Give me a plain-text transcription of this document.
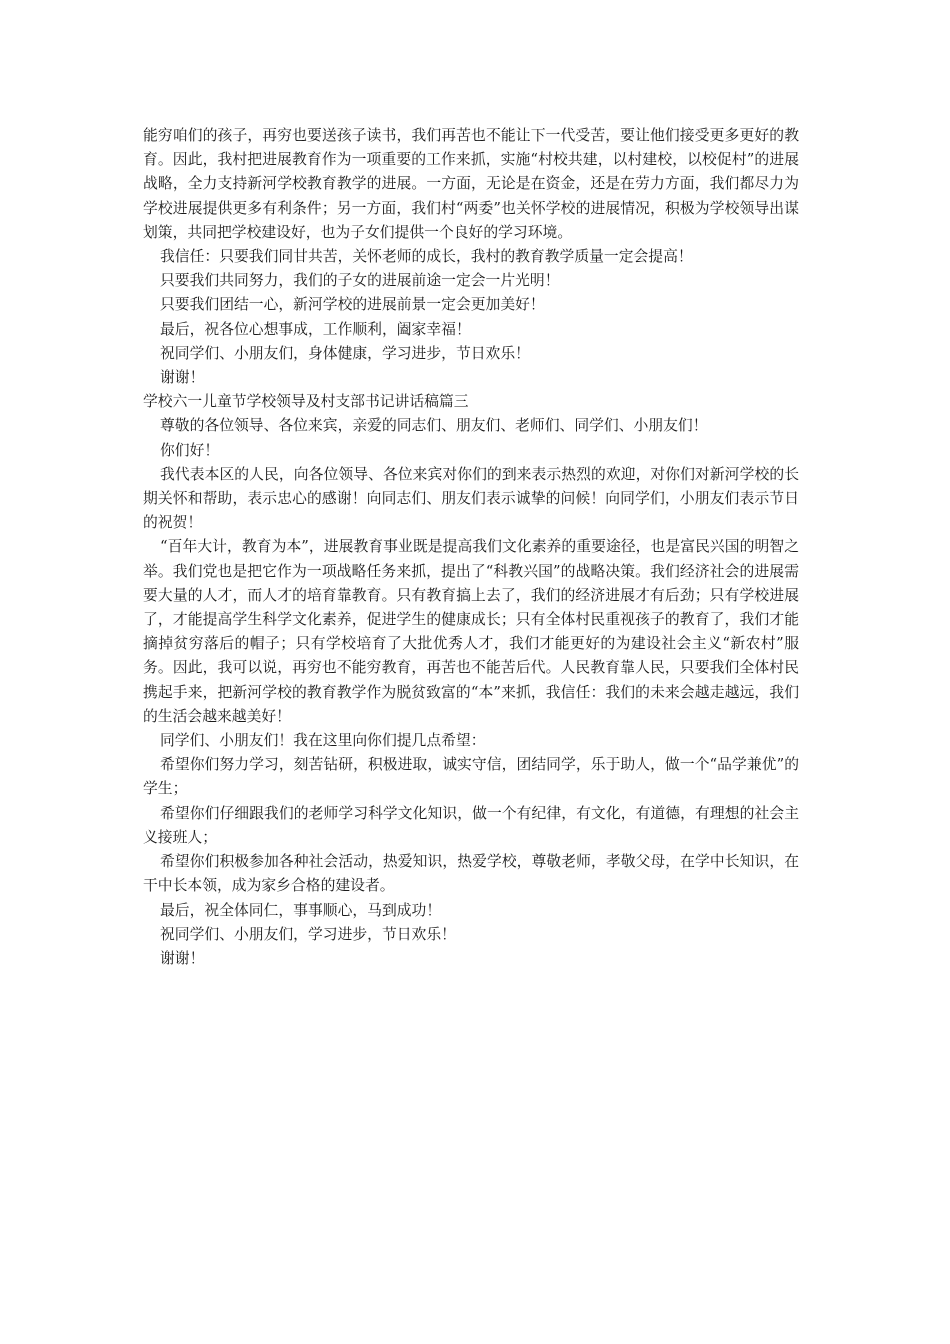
能穷咱们的孩子，再穷也要送孩子读书，我们再苦也不能让下一代受苦，要让他们接受更多更好的教育。因此，我村把进展教育作为一项重要的工作来抓，实施“村校共建，以村建校，以校促村”的进展战略，全力支持新河学校教育教学的进展。一方面，无论是在资金，还是在劳力方面，我们都尽力为学校进展提供更多有利条件；另一方面，我们村“两委”也关怀学校的进展情况，积极为学校领导出谋划策，共同把学校建设好，也为子女们提供一个良好的学习环境。

我信任：只要我们同甘共苦，关怀老师的成长，我村的教育教学质量一定会提高！

只要我们共同努力，我们的子女的进展前途一定会一片光明！

只要我们团结一心，新河学校的进展前景一定会更加美好！

最后，祝各位心想事成，工作顺利，阖家幸福！

祝同学们、小朋友们，身体健康，学习进步，节日欢乐！

谢谢！

学校六一儿童节学校领导及村支部书记讲话稿篇三

尊敬的各位领导、各位来宾，亲爱的同志们、朋友们、老师们、同学们、小朋友们！

你们好！

我代表本区的人民，向各位领导、各位来宾对你们的到来表示热烈的欢迎，对你们对新河学校的长期关怀和帮助，表示忠心的感谢！向同志们、朋友们表示诚挚的问候！向同学们，小朋友们表示节日的祝贺！

“百年大计，教育为本”，进展教育事业既是提高我们文化素养的重要途径，也是富民兴国的明智之举。我们党也是把它作为一项战略任务来抓，提出了“科教兴国”的战略决策。我们经济社会的进展需要大量的人才，而人才的培育靠教育。只有教育搞上去了，我们的经济进展才有后劲；只有学校进展了，才能提高学生科学文化素养，促进学生的健康成长；只有全体村民重视孩子的教育了，我们才能摘掉贫穷落后的帽子；只有学校培育了大批优秀人才，我们才能更好的为建设社会主义“新农村”服务。因此，我可以说，再穷也不能穷教育，再苦也不能苦后代。人民教育靠人民，只要我们全体村民携起手来，把新河学校的教育教学作为脱贫致富的“本”来抓，我信任：我们的未来会越走越远，我们的生活会越来越美好！

同学们、小朋友们！我在这里向你们提几点希望：

希望你们努力学习，刻苦钻研，积极进取，诚实守信，团结同学，乐于助人，做一个“品学兼优”的学生；

希望你们仔细跟我们的老师学习科学文化知识，做一个有纪律，有文化，有道德，有理想的社会主义接班人；

希望你们积极参加各种社会活动，热爱知识，热爱学校，尊敬老师，孝敬父母，在学中长知识，在干中长本领，成为家乡合格的建设者。

最后，祝全体同仁，事事顺心，马到成功！

祝同学们、小朋友们，学习进步，节日欢乐！

谢谢！
